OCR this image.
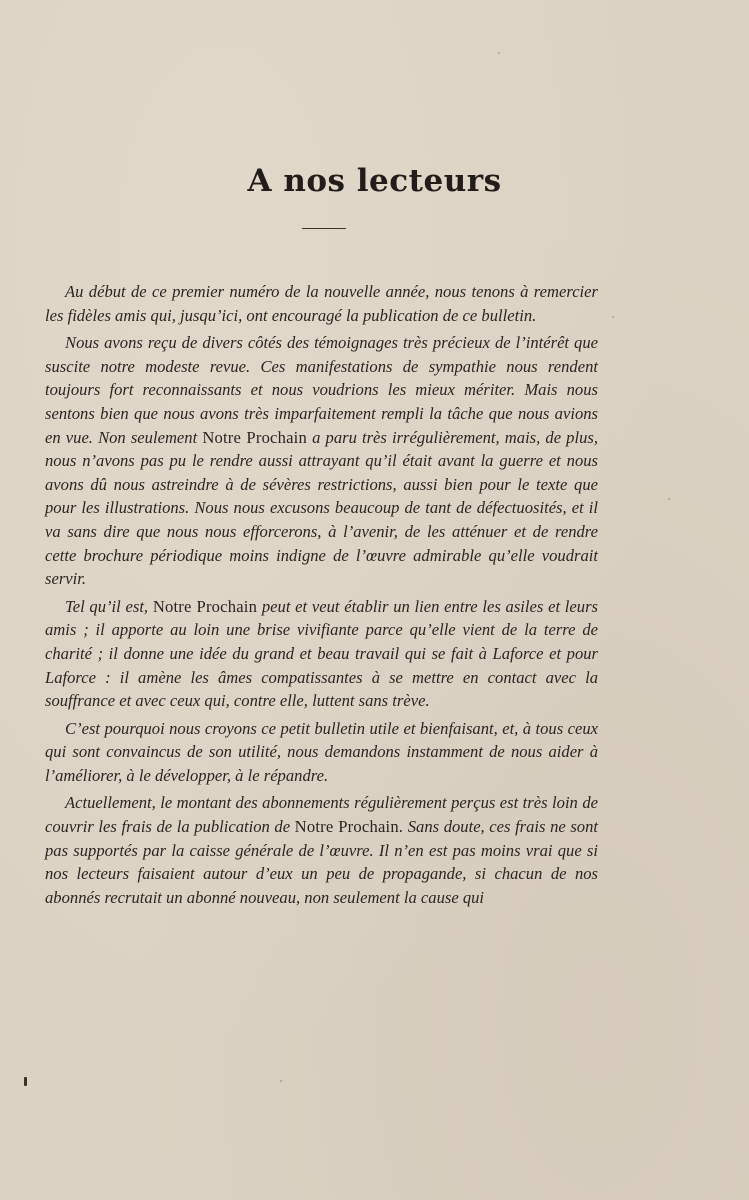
A nos lecteurs

Au début de ce premier numéro de la nouvelle année, nous tenons à remercier les fidèles amis qui, jusqu’ici, ont encouragé la publication de ce bulletin.

Nous avons reçu de divers côtés des témoignages très précieux de l’intérêt que suscite notre modeste revue. Ces manifestations de sympathie nous rendent toujours fort reconnaissants et nous voudrions les mieux mériter. Mais nous sentons bien que nous avons très imparfaitement rempli la tâche que nous avions en vue. Non seulement Notre Prochain a paru très irrégulièrement, mais, de plus, nous n’avons pas pu le rendre aussi attrayant qu’il était avant la guerre et nous avons dû nous astreindre à de sévères restrictions, aussi bien pour le texte que pour les illustrations. Nous nous excusons beaucoup de tant de défectuosités, et il va sans dire que nous nous efforcerons, à l’avenir, de les atténuer et de rendre cette brochure périodique moins indigne de l’œuvre admirable qu’elle voudrait servir.

Tel qu’il est, Notre Prochain peut et veut établir un lien entre les asiles et leurs amis ; il apporte au loin une brise vivifiante parce qu’elle vient de la terre de charité ; il donne une idée du grand et beau travail qui se fait à Laforce et pour Laforce : il amène les âmes compatissantes à se mettre en contact avec la souffrance et avec ceux qui, contre elle, luttent sans trève.

C’est pourquoi nous croyons ce petit bulletin utile et bienfaisant, et, à tous ceux qui sont convaincus de son utilité, nous demandons instamment de nous aider à l’améliorer, à le développer, à le répandre.

Actuellement, le montant des abonnements régulièrement perçus est très loin de couvrir les frais de la publication de Notre Prochain. Sans doute, ces frais ne sont pas supportés par la caisse générale de l’œuvre. Il n’en est pas moins vrai que si nos lecteurs faisaient autour d’eux un peu de propagande, si chacun de nos abonnés recrutait un abonné nouveau, non seulement la cause qui
